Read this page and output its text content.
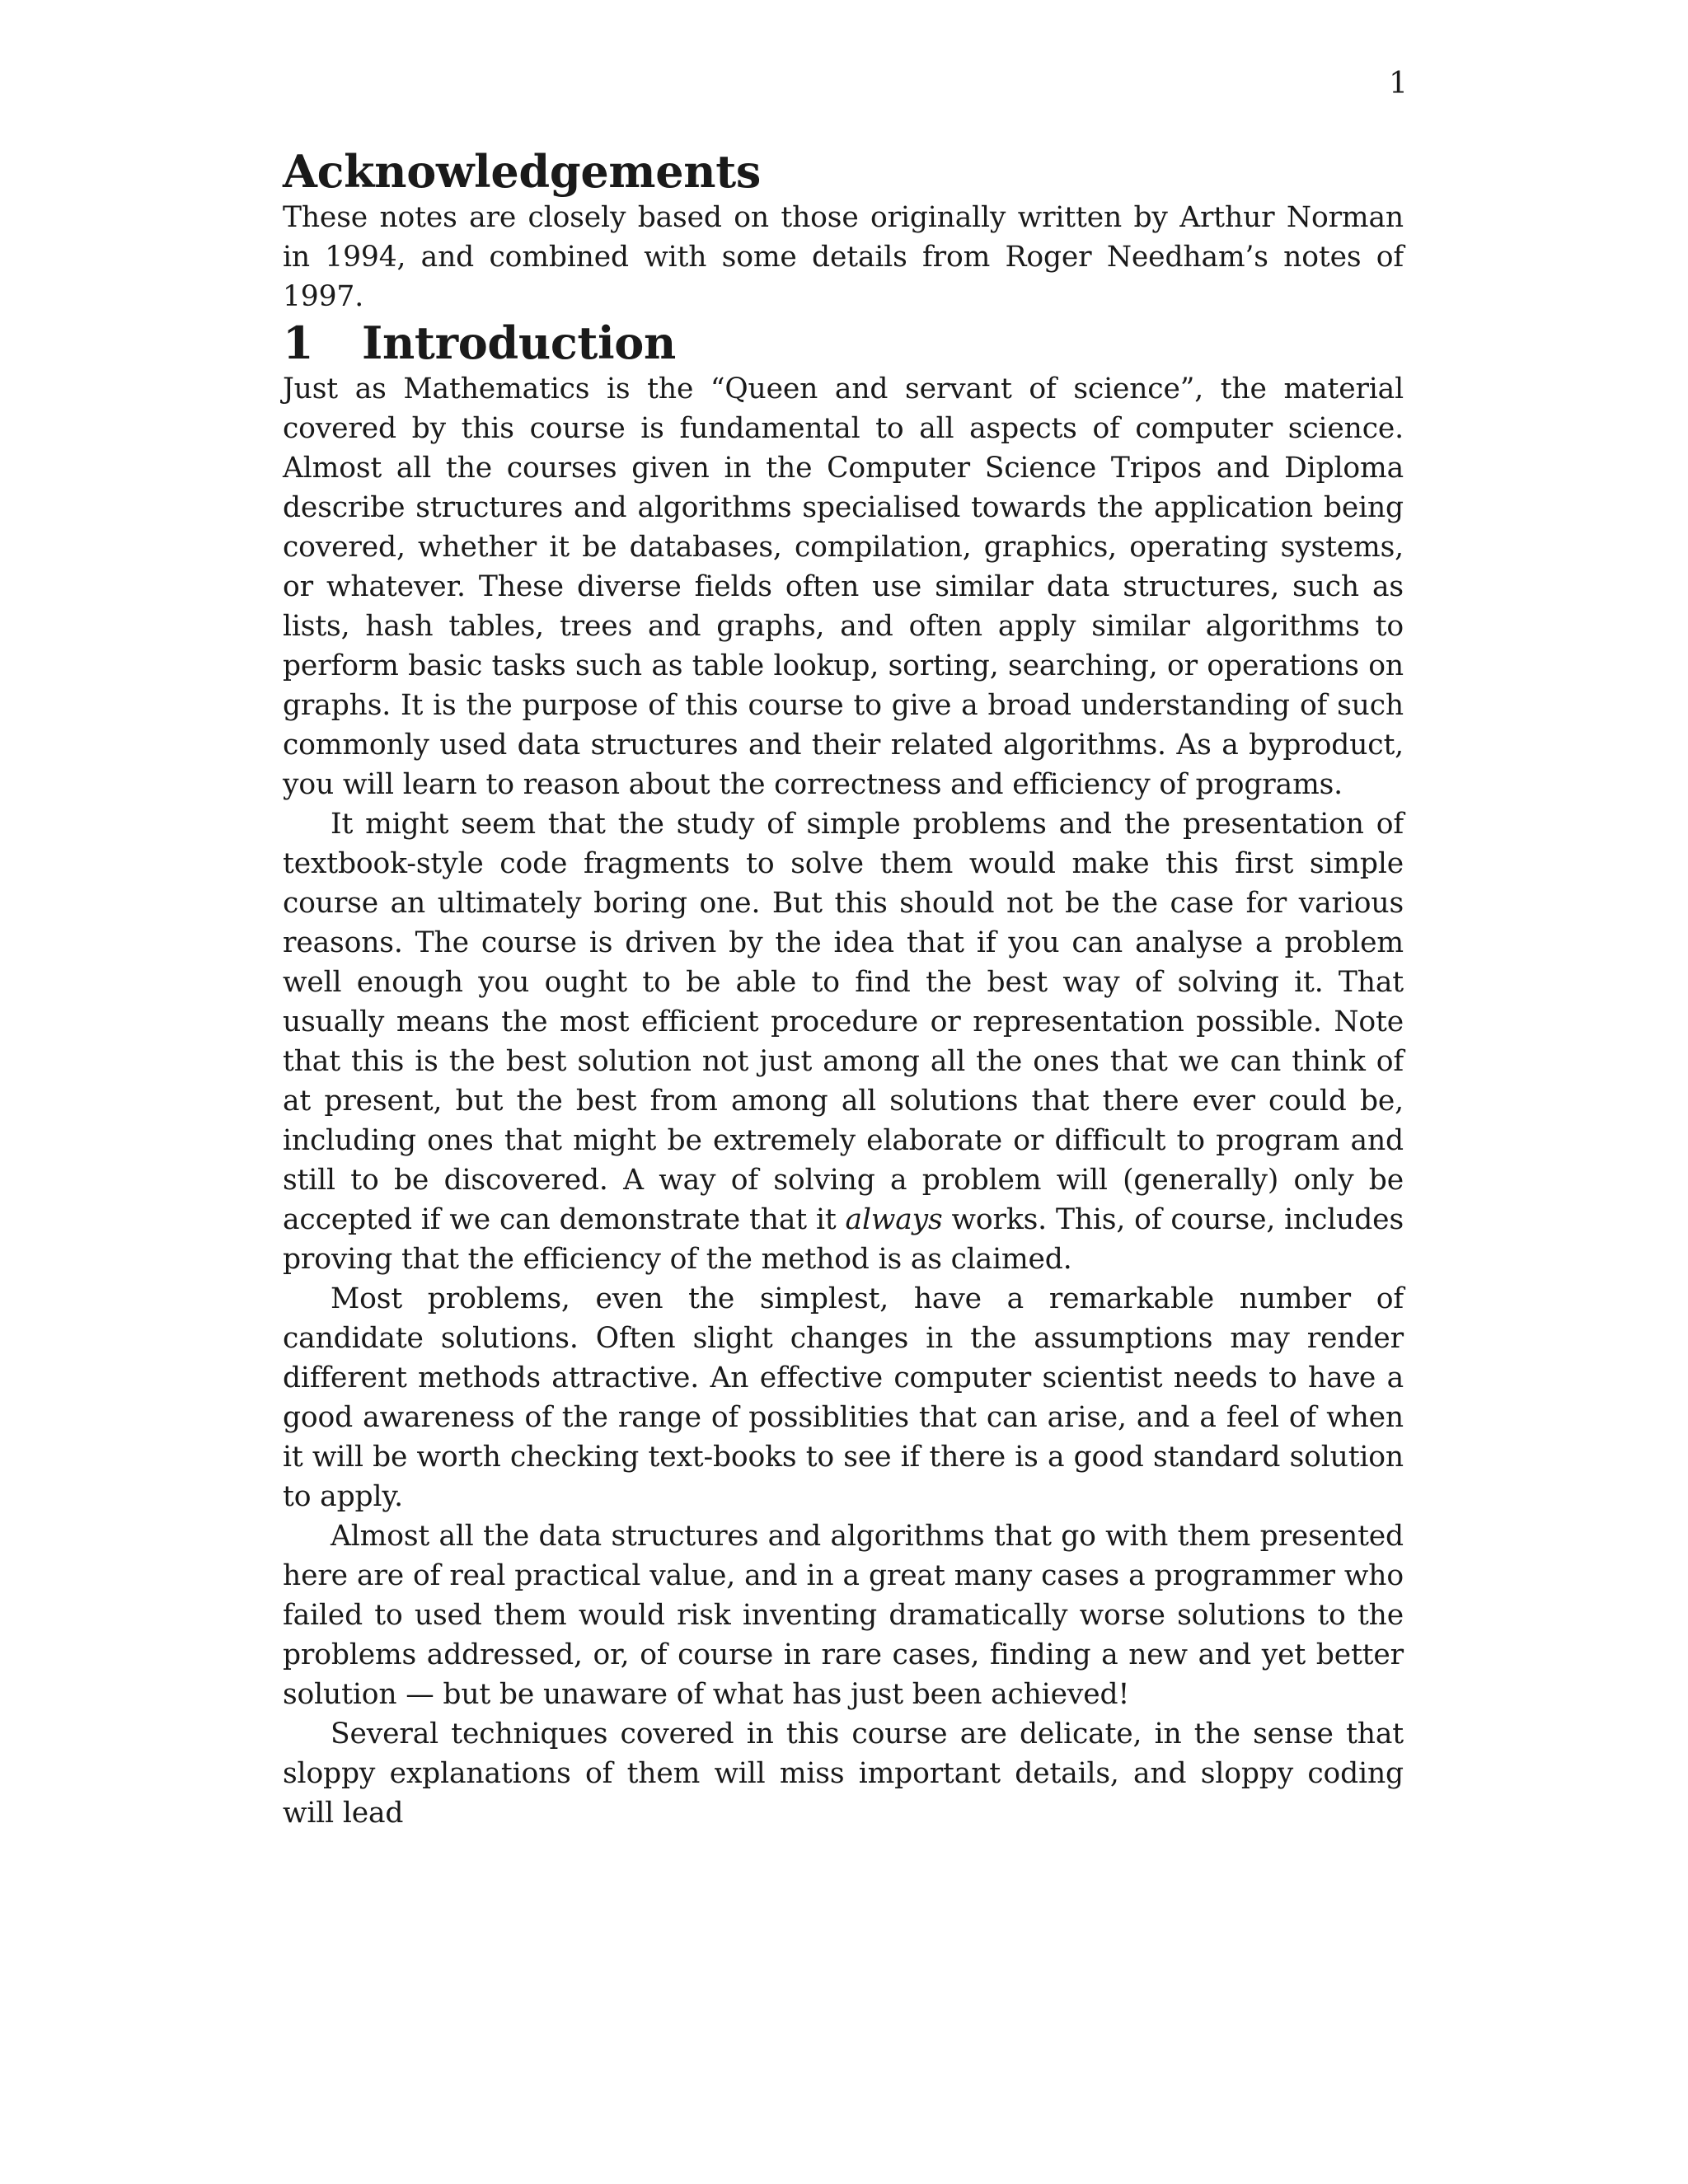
1
Acknowledgements

These notes are closely based on those originally written by Arthur Norman in 1994, and combined with some details from Roger Needham’s notes of 1997.

1 Introduction

Just as Mathematics is the “Queen and servant of science”, the material covered by this course is fundamental to all aspects of computer science. Almost all the courses given in the Computer Science Tripos and Diploma describe structures and algorithms specialised towards the application being covered, whether it be databases, compilation, graphics, operating systems, or whatever. These diverse fields often use similar data structures, such as lists, hash tables, trees and graphs, and often apply similar algorithms to perform basic tasks such as table lookup, sorting, searching, or operations on graphs. It is the purpose of this course to give a broad understanding of such commonly used data structures and their related algorithms. As a byproduct, you will learn to reason about the correctness and efficiency of programs.

It might seem that the study of simple problems and the presentation of textbook-style code fragments to solve them would make this first simple course an ultimately boring one. But this should not be the case for various reasons. The course is driven by the idea that if you can analyse a problem well enough you ought to be able to find the best way of solving it. That usually means the most efficient procedure or representation possible. Note that this is the best solution not just among all the ones that we can think of at present, but the best from among all solutions that there ever could be, including ones that might be extremely elaborate or difficult to program and still to be discovered. A way of solving a problem will (generally) only be accepted if we can demonstrate that it always works. This, of course, includes proving that the efficiency of the method is as claimed.

Most problems, even the simplest, have a remarkable number of candidate solutions. Often slight changes in the assumptions may render different methods attractive. An effective computer scientist needs to have a good awareness of the range of possiblities that can arise, and a feel of when it will be worth checking text-books to see if there is a good standard solution to apply.

Almost all the data structures and algorithms that go with them presented here are of real practical value, and in a great many cases a programmer who failed to used them would risk inventing dramatically worse solutions to the problems addressed, or, of course in rare cases, finding a new and yet better solution — but be unaware of what has just been achieved!

Several techniques covered in this course are delicate, in the sense that sloppy explanations of them will miss important details, and sloppy coding will lead
